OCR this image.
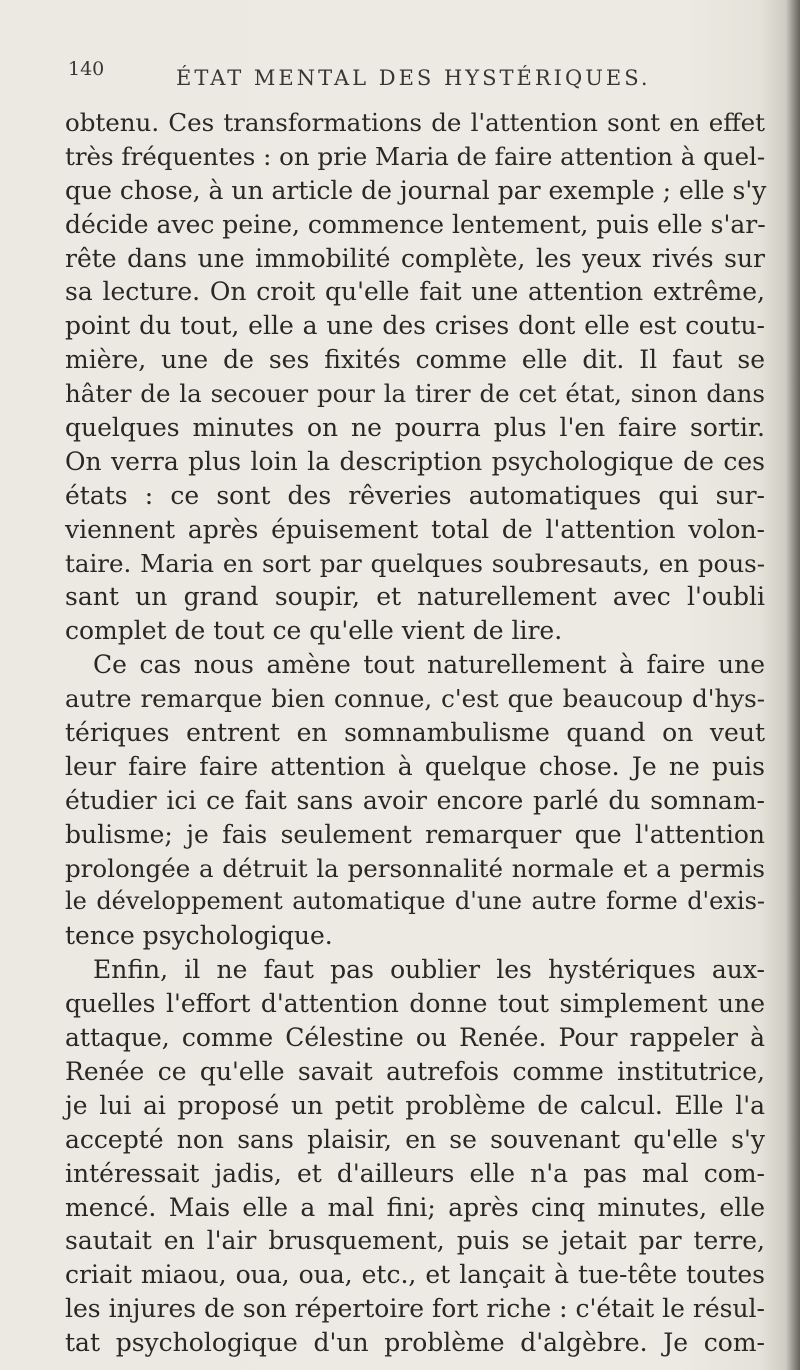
140	ÉTAT MENTAL DES HYSTÉRIQUES.
obtenu. Ces transformations de l'attention sont en effet
très fréquentes : on prie Maria de faire attention à quel-
que chose, à un article de journal par exemple ; elle s'y
décide avec peine, commence lentement, puis elle s'ar-
rête dans une immobilité complète, les yeux rivés sur
sa lecture. On croit qu'elle fait une attention extrême,
point du tout, elle a une des crises dont elle est coutu-
mière, une de ses fixités comme elle dit. Il faut se
hâter de la secouer pour la tirer de cet état, sinon dans
quelques minutes on ne pourra plus l'en faire sortir.
On verra plus loin la description psychologique de ces
états : ce sont des rêveries automatiques qui sur-
viennent après épuisement total de l'attention volon-
taire. Maria en sort par quelques soubresauts, en pous-
sant un grand soupir, et naturellement avec l'oubli
complet de tout ce qu'elle vient de lire.
Ce cas nous amène tout naturellement à faire une
autre remarque bien connue, c'est que beaucoup d'hys-
tériques entrent en somnambulisme quand on veut
leur faire faire attention à quelque chose. Je ne puis
étudier ici ce fait sans avoir encore parlé du somnam-
bulisme; je fais seulement remarquer que l'attention
prolongée a détruit la personnalité normale et a permis
le développement automatique d'une autre forme d'exis-
tence psychologique.
Enfin, il ne faut pas oublier les hystériques aux-
quelles l'effort d'attention donne tout simplement une
attaque, comme Célestine ou Renée. Pour rappeler à
Renée ce qu'elle savait autrefois comme institutrice,
je lui ai proposé un petit problème de calcul. Elle l'a
accepté non sans plaisir, en se souvenant qu'elle s'y
intéressait jadis, et d'ailleurs elle n'a pas mal com-
mencé. Mais elle a mal fini; après cinq minutes, elle
sautait en l'air brusquement, puis se jetait par terre,
criait miaou, oua, oua, etc., et lançait à tue-tête toutes
les injures de son répertoire fort riche : c'était le résul-
tat psychologique d'un problème d'algèbre. Je com-
